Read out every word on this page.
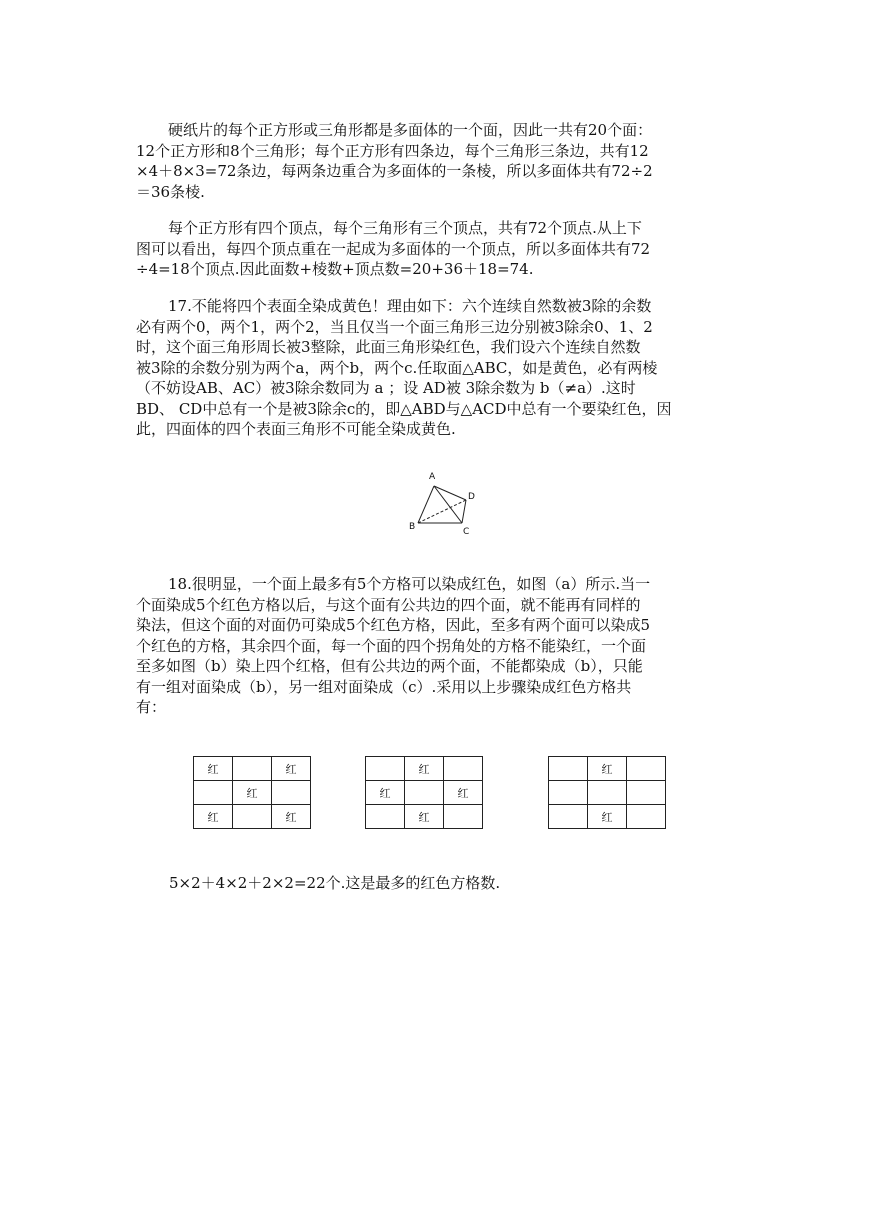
硬纸片的每个正方形或三角形都是多面体的一个面，因此一共有20个面：
12个正方形和8个三角形；每个正方形有四条边，每个三角形三条边，共有12
×4＋8×3=72条边，每两条边重合为多面体的一条棱，所以多面体共有72÷2
＝36条棱.
每个正方形有四个顶点，每个三角形有三个顶点，共有72个顶点.从上下
图可以看出，每四个顶点重在一起成为多面体的一个顶点，所以多面体共有72
÷4=18个顶点.因此面数+棱数+顶点数=20+36＋18=74.
17.不能将四个表面全染成黄色！理由如下：六个连续自然数被3除的余数
必有两个0，两个1，两个2，当且仅当一个面三角形三边分别被3除余0、1、2
时，这个面三角形周长被3整除，此面三角形染红色，我们设六个连续自然数
被3除的余数分别为两个a，两个b，两个c.任取面△ABC，如是黄色，必有两棱
（不妨设AB、AC）被3除余数同为 a ；设 AD被 3除余数为 b（≠a）.这时
BD、 CD中总有一个是被3除余c的，即△ABD与△ACD中总有一个要染红色，因
此，四面体的四个表面三角形不可能全染成黄色.
A
D
B	C
18.很明显，一个面上最多有5个方格可以染成红色，如图（a）所示.当一
个面染成5个红色方格以后，与这个面有公共边的四个面，就不能再有同样的
染法，但这个面的对面仍可染成5个红色方格，因此，至多有两个面可以染成5
个红色的方格，其余四个面，每一个面的四个拐角处的方格不能染红，一个面
至多如图（b）染上四个红格，但有公共边的两个面，不能都染成（b），只能
有一组对面染成（b），另一组对面染成（c）.采用以上步骤染成红色方格共
有：
红		红
	红	
红		红
	红	
红		红
	红	
	红	

	红	
5×2＋4×2＋2×2=22个.这是最多的红色方格数.
